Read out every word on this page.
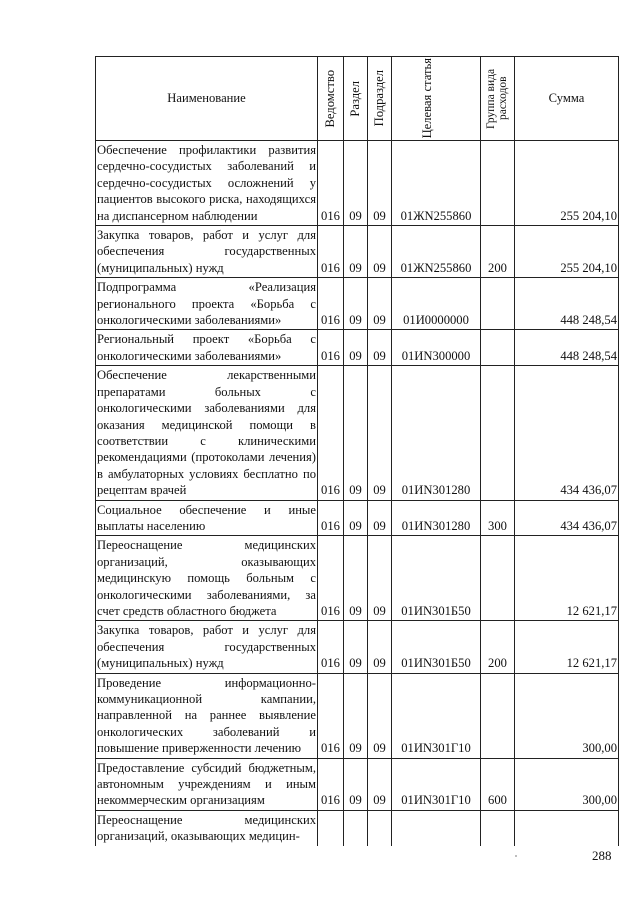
Наименование	Ведомство	Раздел	Подраздел	Целевая статья	Группа вида расходов	Сумма
Обеспечение профилактики развития сердечно-сосудистых заболеваний и сердечно-сосудистых осложнений у пациентов высокого риска, находящихся на диспансерном наблюдении	016	09	09	01ЖN255860		255 204,10
Закупка товаров, работ и услуг для обеспечения государственных (муниципальных) нужд	016	09	09	01ЖN255860	200	255 204,10
Подпрограмма «Реализация регионального проекта «Борьба с онкологическими заболеваниями»	016	09	09	01И0000000		448 248,54
Региональный проект «Борьба с онкологическими заболеваниями»	016	09	09	01ИN300000		448 248,54
Обеспечение лекарственными препаратами больных с онкологическими заболеваниями для оказания медицинской помощи в соответствии с клиническими рекомендациями (протоколами лечения) в амбулаторных условиях бесплатно по рецептам врачей	016	09	09	01ИN301280		434 436,07
Социальное обеспечение и иные выплаты населению	016	09	09	01ИN301280	300	434 436,07
Переоснащение медицинских организаций, оказывающих медицинскую помощь больным с онкологическими заболеваниями, за счет средств областного бюджета	016	09	09	01ИN301Б50		12 621,17
Закупка товаров, работ и услуг для обеспечения государственных (муниципальных) нужд	016	09	09	01ИN301Б50	200	12 621,17
Проведение информационно-коммуникационной кампании, направленной на раннее выявление онкологических заболеваний и повышение приверженности лечению	016	09	09	01ИN301Г10		300,00
Предоставление субсидий бюджетным, автономным учреждениям и иным некоммерческим организациям	016	09	09	01ИN301Г10	600	300,00
Переоснащение медицинских организаций, оказывающих медицин-						
288
